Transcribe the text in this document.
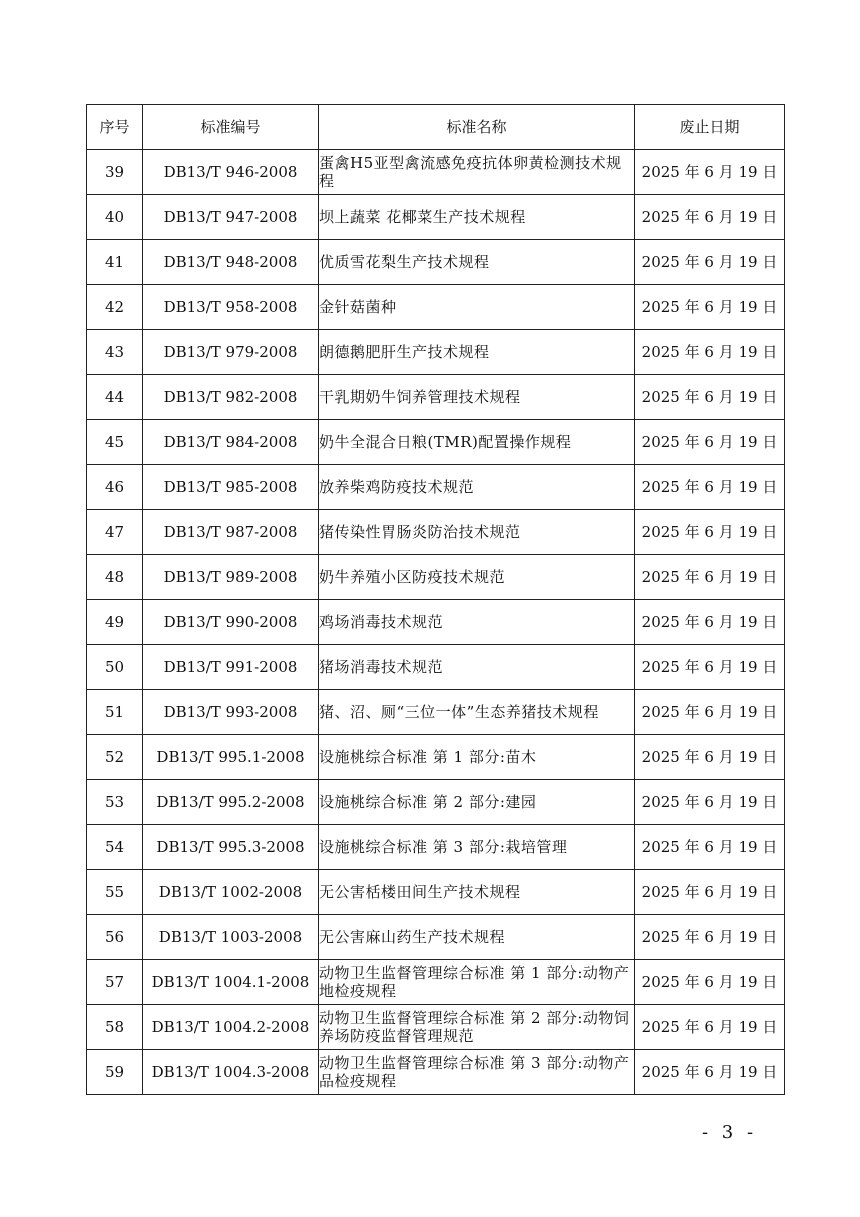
序号	标准编号	标准名称	废止日期
39	DB13/T 946-2008	蛋禽H5亚型禽流感免疫抗体卵黄检测技术规程	2025 年 6 月 19 日
40	DB13/T 947-2008	坝上蔬菜 花椰菜生产技术规程	2025 年 6 月 19 日
41	DB13/T 948-2008	优质雪花梨生产技术规程	2025 年 6 月 19 日
42	DB13/T 958-2008	金针菇菌种	2025 年 6 月 19 日
43	DB13/T 979-2008	朗德鹅肥肝生产技术规程	2025 年 6 月 19 日
44	DB13/T 982-2008	干乳期奶牛饲养管理技术规程	2025 年 6 月 19 日
45	DB13/T 984-2008	奶牛全混合日粮(TMR)配置操作规程	2025 年 6 月 19 日
46	DB13/T 985-2008	放养柴鸡防疫技术规范	2025 年 6 月 19 日
47	DB13/T 987-2008	猪传染性胃肠炎防治技术规范	2025 年 6 月 19 日
48	DB13/T 989-2008	奶牛养殖小区防疫技术规范	2025 年 6 月 19 日
49	DB13/T 990-2008	鸡场消毒技术规范	2025 年 6 月 19 日
50	DB13/T 991-2008	猪场消毒技术规范	2025 年 6 月 19 日
51	DB13/T 993-2008	猪、沼、厕“三位一体”生态养猪技术规程	2025 年 6 月 19 日
52	DB13/T 995.1-2008	设施桃综合标准 第 1 部分:苗木	2025 年 6 月 19 日
53	DB13/T 995.2-2008	设施桃综合标准 第 2 部分:建园	2025 年 6 月 19 日
54	DB13/T 995.3-2008	设施桃综合标准 第 3 部分:栽培管理	2025 年 6 月 19 日
55	DB13/T 1002-2008	无公害栝楼田间生产技术规程	2025 年 6 月 19 日
56	DB13/T 1003-2008	无公害麻山药生产技术规程	2025 年 6 月 19 日
57	DB13/T 1004.1-2008	动物卫生监督管理综合标准 第 1 部分:动物产地检疫规程	2025 年 6 月 19 日
58	DB13/T 1004.2-2008	动物卫生监督管理综合标准 第 2 部分:动物饲养场防疫监督管理规范	2025 年 6 月 19 日
59	DB13/T 1004.3-2008	动物卫生监督管理综合标准 第 3 部分:动物产品检疫规程	2025 年 6 月 19 日
- 3 -
